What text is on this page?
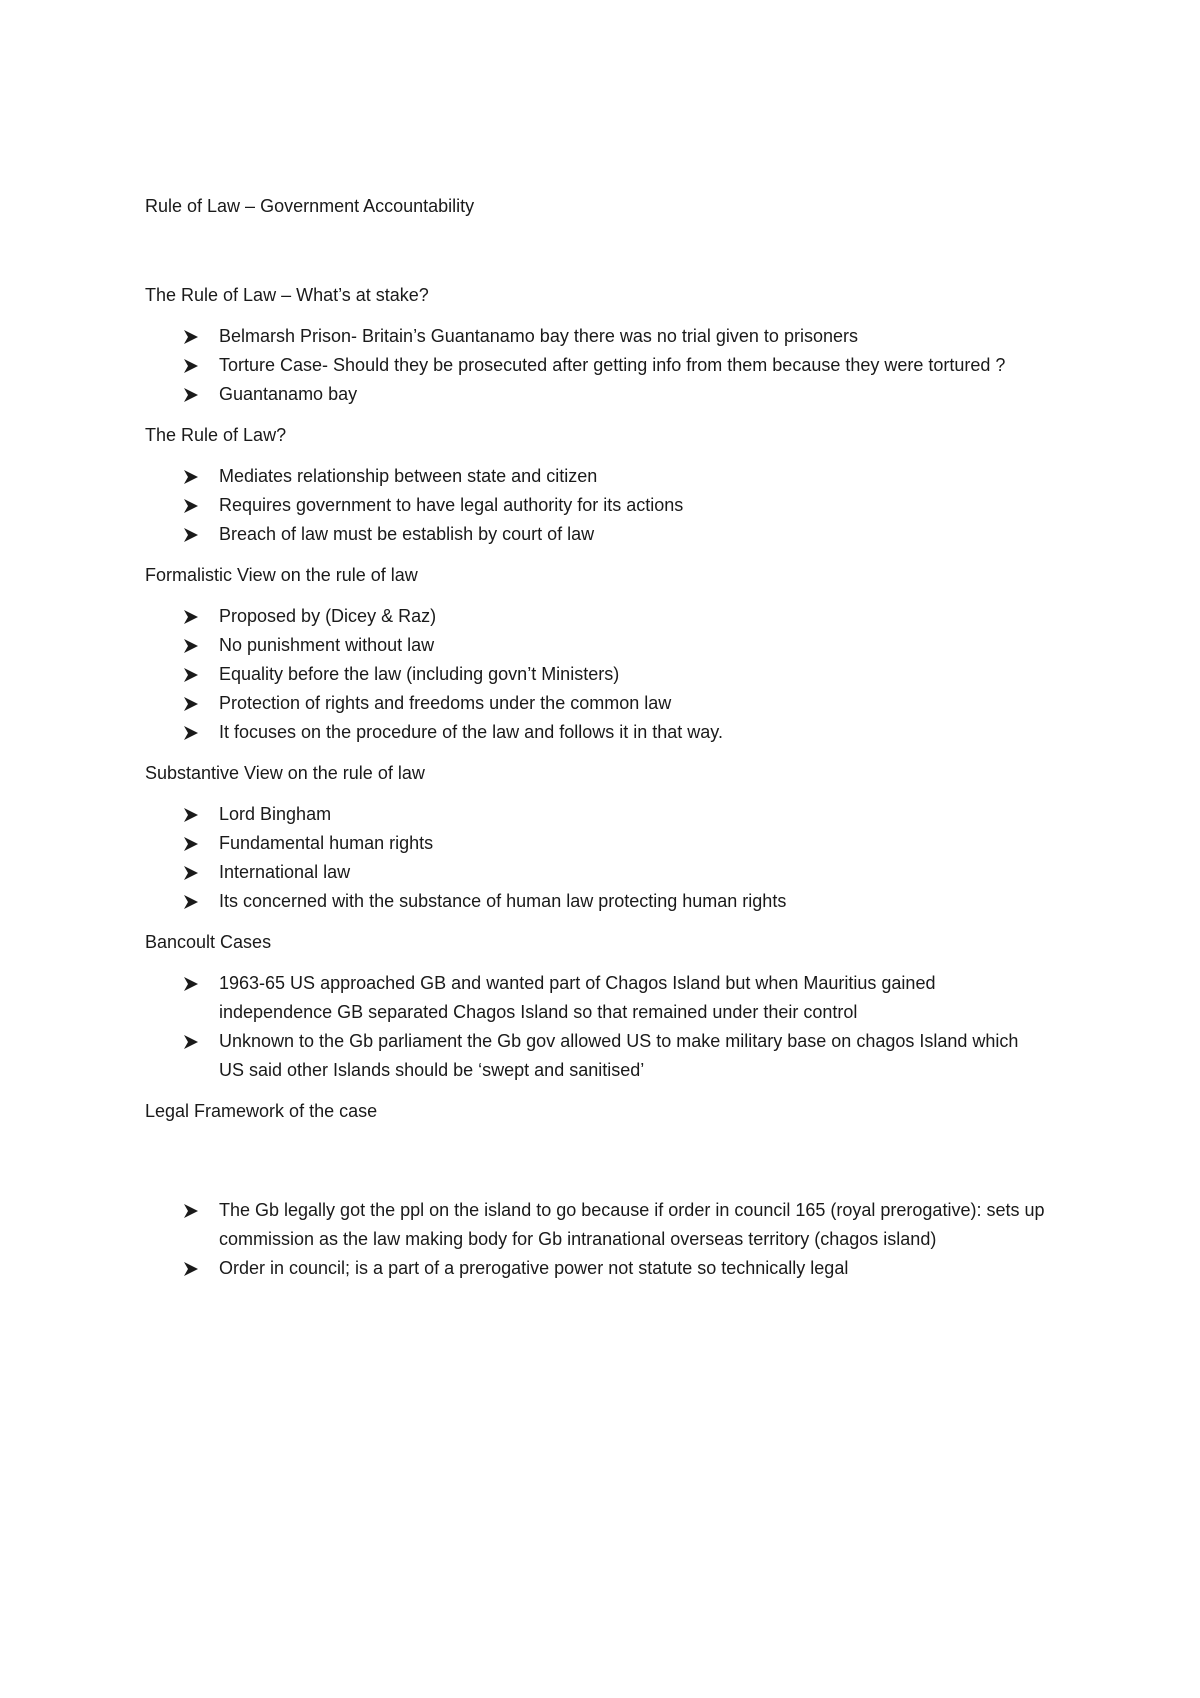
Rule of Law – Government Accountability
The Rule of Law – What’s at stake?
Belmarsh Prison- Britain’s Guantanamo bay there was no trial given to prisoners
Torture Case- Should they be prosecuted after getting info from them because they were tortured ?
Guantanamo bay
The Rule of Law?
Mediates relationship between state and citizen
Requires government to have legal authority for its actions
Breach of law must be establish by court of law
Formalistic View on the rule of law
Proposed by (Dicey & Raz)
No punishment without law
Equality before the law (including govn’t Ministers)
Protection of rights and freedoms under the common law
It focuses on the procedure of the law and follows it in that way.
Substantive View on the rule of law
Lord Bingham
Fundamental human rights
International law
Its concerned with the substance of human law protecting human rights
Bancoult Cases
1963-65 US approached GB and wanted part of Chagos Island but when Mauritius gained independence GB separated Chagos Island so that remained under their control
Unknown to the Gb parliament the Gb gov allowed US to make military base on chagos Island which US said other Islands should be ‘swept and sanitised’
Legal Framework of the case
The Gb legally got the ppl on the island to go because if order in council 165 (royal prerogative): sets up commission as the law making body for Gb intranational overseas territory (chagos island)
Order in council; is a part of a prerogative power not statute so technically legal
